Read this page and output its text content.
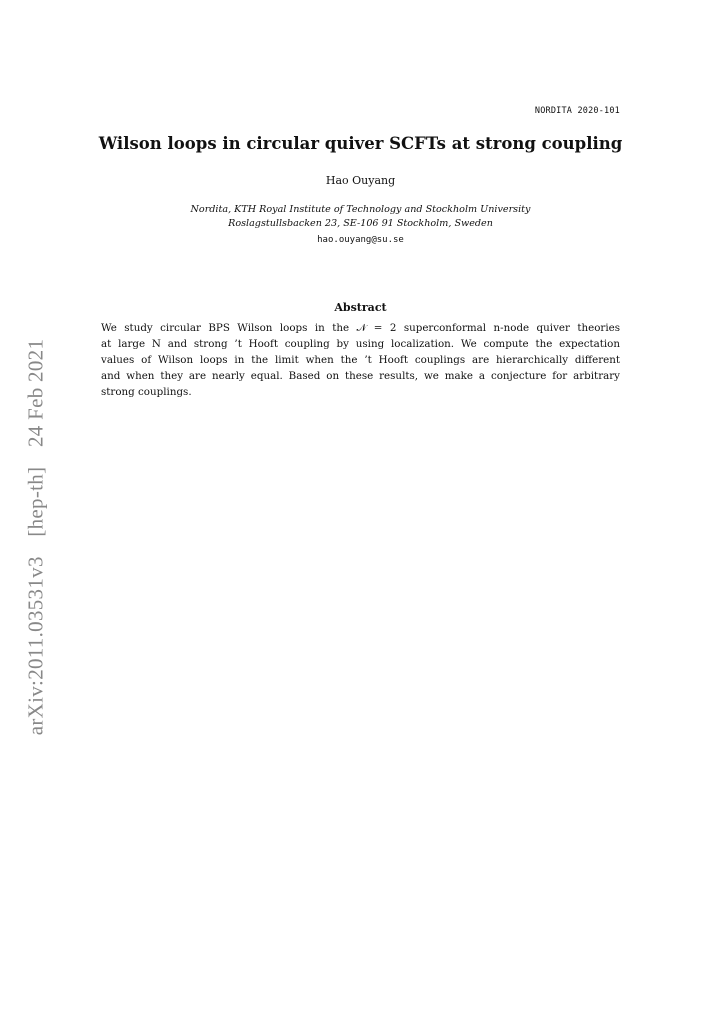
NORDITA 2020-101
Wilson loops in circular quiver SCFTs at strong coupling
Hao Ouyang
Nordita, KTH Royal Institute of Technology and Stockholm University
Roslagstullsbacken 23, SE-106 91 Stockholm, Sweden
hao.ouyang@su.se
Abstract
We study circular BPS Wilson loops in the 𝒩 = 2 superconformal n-node quiver theories
at large N and strong ’t Hooft coupling by using localization. We compute the expectation
values of Wilson loops in the limit when the ’t Hooft couplings are hierarchically different
and when they are nearly equal. Based on these results, we make a conjecture for arbitrary
strong couplings.
arXiv:2011.03531v3 [hep-th] 24 Feb 2021
